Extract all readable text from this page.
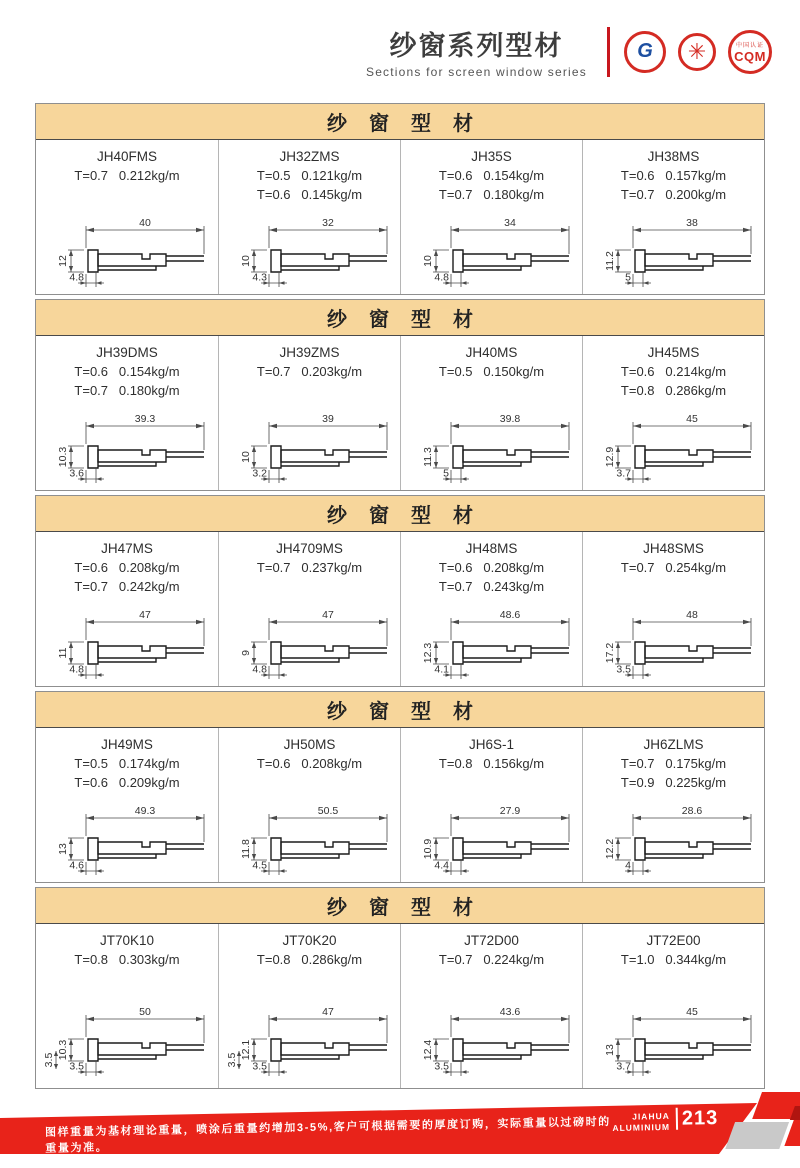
纱窗系列型材
Sections for screen window series
G ✳	中国认证
CQM
纱窗型材
JH40FMS
T=0.7   0.212kg/m
40
12
4.8
JH32ZMS
T=0.5   0.121kg/m
T=0.6   0.145kg/m
32
10
4.3
JH35S
T=0.6   0.154kg/m
T=0.7   0.180kg/m
34
10
4.8
JH38MS
T=0.6   0.157kg/m
T=0.7   0.200kg/m
38
11.2
5
纱窗型材
JH39DMS
T=0.6   0.154kg/m
T=0.7   0.180kg/m
39.3
10.3
3.6
JH39ZMS
T=0.7   0.203kg/m
39
10
3.2
JH40MS
T=0.5   0.150kg/m
39.8
11.3
5
JH45MS
T=0.6   0.214kg/m
T=0.8   0.286kg/m
45
12.9
3.7
纱窗型材
JH47MS
T=0.6   0.208kg/m
T=0.7   0.242kg/m
47
11
4.8
JH4709MS
T=0.7   0.237kg/m
47
9
4.8
JH48MS
T=0.6   0.208kg/m
T=0.7   0.243kg/m
48.6
12.3
4.1
JH48SMS
T=0.7   0.254kg/m
48
17.2
3.5
纱窗型材
JH49MS
T=0.5   0.174kg/m
T=0.6   0.209kg/m
49.3
13
4.6
JH50MS
T=0.6   0.208kg/m
50.5
11.8
4.5
JH6S-1
T=0.8   0.156kg/m
27.9
10.9
4.4
JH6ZLMS
T=0.7   0.175kg/m
T=0.9   0.225kg/m
28.6
12.2
4
纱窗型材
JT70K10
T=0.8   0.303kg/m
50
10.3
3.5
3.5
JT70K20
T=0.8   0.286kg/m
47
12.1
3.5
3.5
JT72D00
T=0.7   0.224kg/m
43.6
12.4
3.5
JT72E00
T=1.0   0.344kg/m
45
13
3.7
图样重量为基材理论重量，喷涂后重量约增加3-5%,客户可根据需要的厚度订购，实际重量以过磅时的重量为准。
JIAHUA
ALUMINIUM 213
